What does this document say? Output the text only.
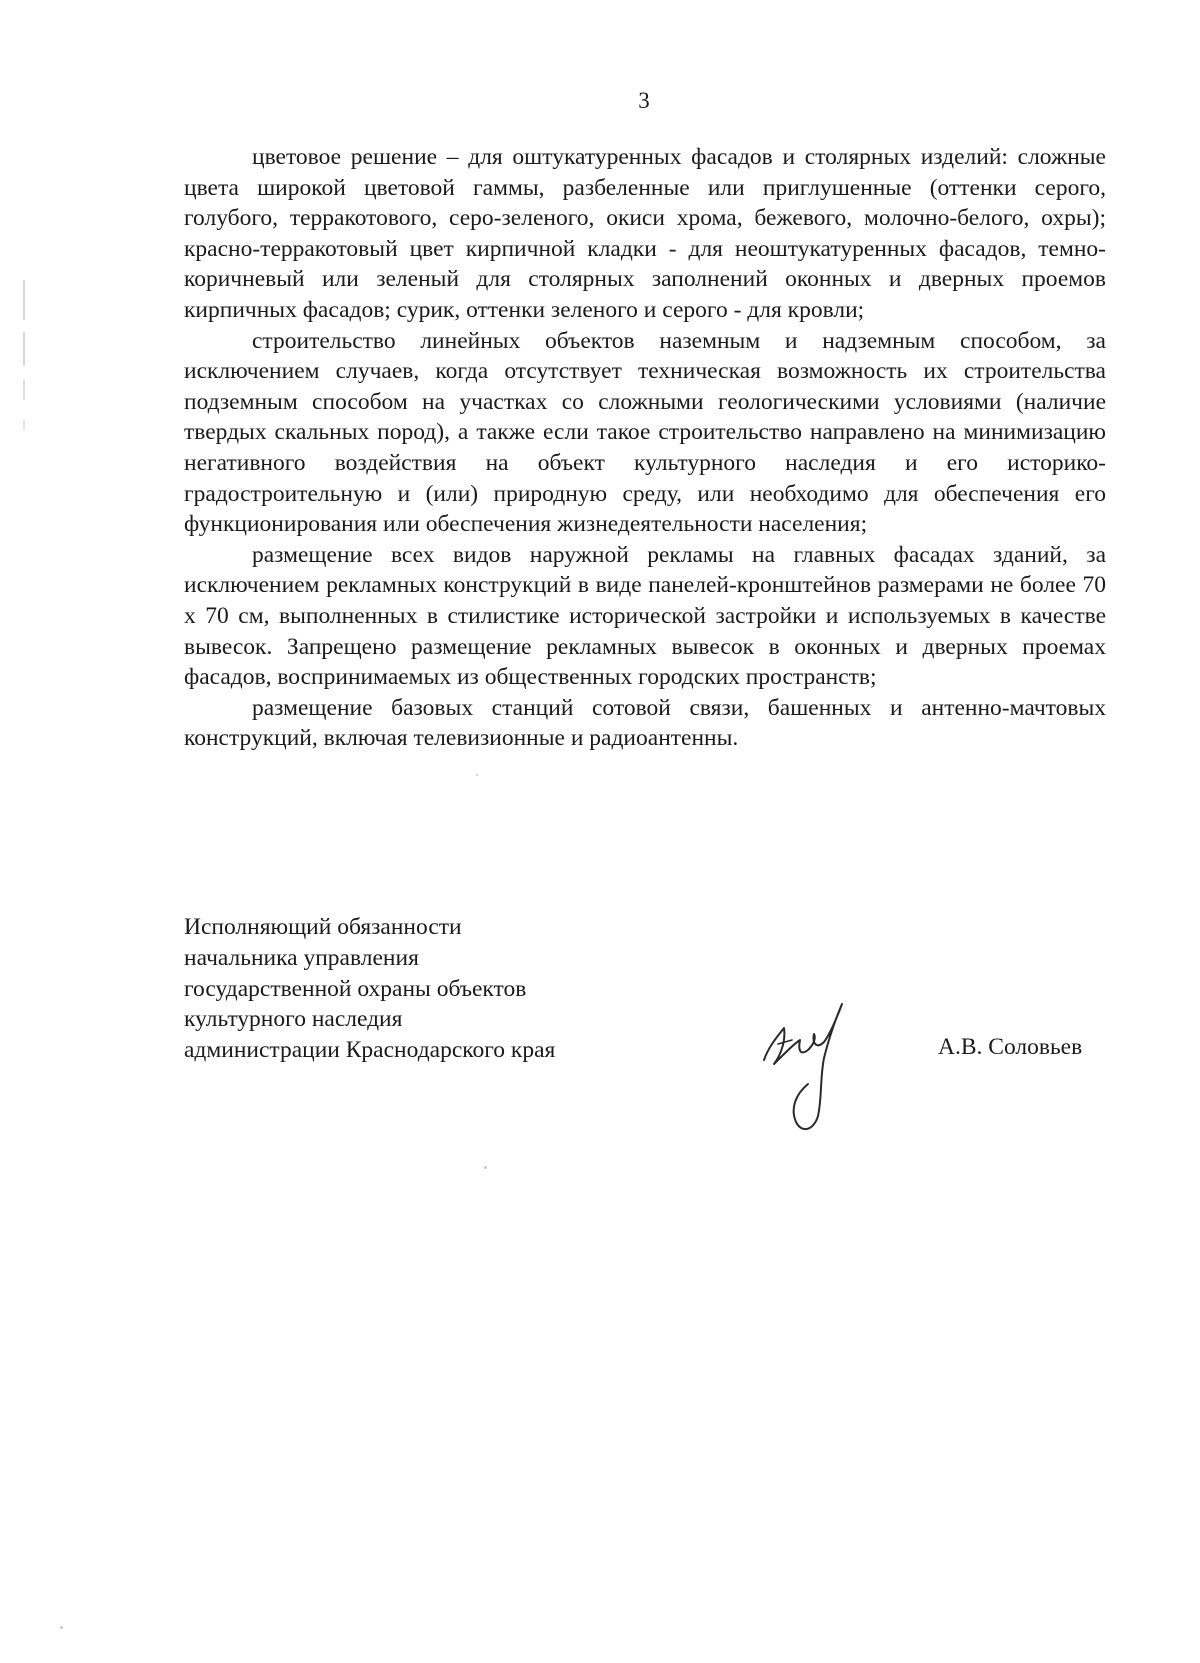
3

цветовое решение – для оштукатуренных фасадов и столярных изделий: сложные цвета широкой цветовой гаммы, разбеленные или приглушенные (оттенки серого, голубого, терракотового, серо-зеленого, окиси хрома, бежевого, молочно-белого, охры); красно-терракотовый цвет кирпичной кладки - для неоштукатуренных фасадов, темно-коричневый или зеленый для столярных заполнений оконных и дверных проемов кирпичных фасадов; сурик, оттенки зеленого и серого - для кровли;

строительство линейных объектов наземным и надземным способом, за исключением случаев, когда отсутствует техническая возможность их строительства подземным способом на участках со сложными геологическими условиями (наличие твердых скальных пород), а также если такое строительство направлено на минимизацию негативного воздействия на объект культурного наследия и его историко-градостроительную и (или) природную среду, или необходимо для обеспечения его функционирования или обеспечения жизнедеятельности населения;

размещение всех видов наружной рекламы на главных фасадах зданий, за исключением рекламных конструкций в виде панелей-кронштейнов размерами не более 70 х 70 см, выполненных в стилистике исторической застройки и используемых в качестве вывесок. Запрещено размещение рекламных вывесок в оконных и дверных проемах фасадов, воспринимаемых из общественных городских пространств;

размещение базовых станций сотовой связи, башенных и антенно-мачтовых конструкций, включая телевизионные и радиоантенны.

Исполняющий обязанности
начальника управления
государственной охраны объектов
культурного наследия
администрации Краснодарского края	А.В. Соловьев
